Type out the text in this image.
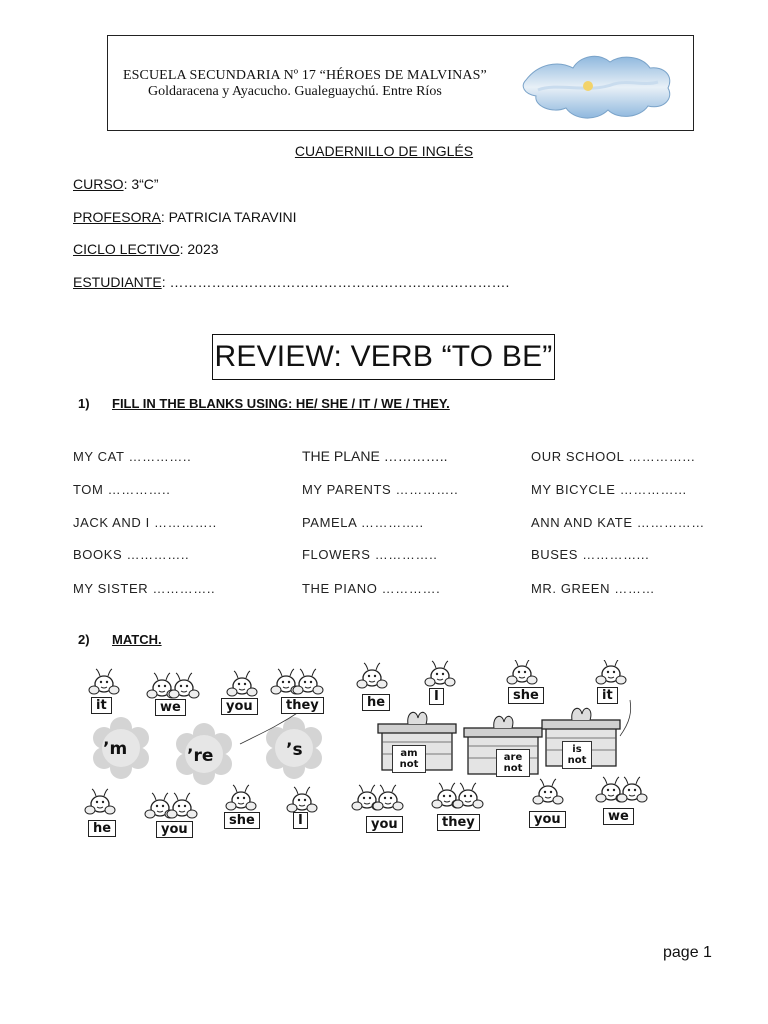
ESCUELA SECUNDARIA Nº 17 “HÉROES DE MALVINAS”
Goldaracena y Ayacucho. Gualeguaychú. Entre Ríos
CUADERNILLO DE INGLÉS
CURSO: 3“C”
PROFESORA: PATRICIA TARAVINI
CICLO LECTIVO: 2023
ESTUDIANTE: ……………………………………………………………….
REVIEW: VERB “TO BE”
1) FILL IN THE BLANKS USING: HE/ SHE / IT / WE / THEY.
MY CAT …………..	THE PLANE …………..	OUR SCHOOL …………...
TOM …………..	MY PARENTS …………..	MY BICYCLE …………...
JACK AND I …………..	PAMELA …………..	ANN AND KATE ……………
BOOKS …………..	FLOWERS …………..	BUSES …………...
MY SISTER …………..	THE PIANO ………….	MR. GREEN ………
2) MATCH.
it	we	you	they
’m	’re	’s
he	you
she	I
he	I	she	it
am not
are not
is not
you	they	you	we
page 1
